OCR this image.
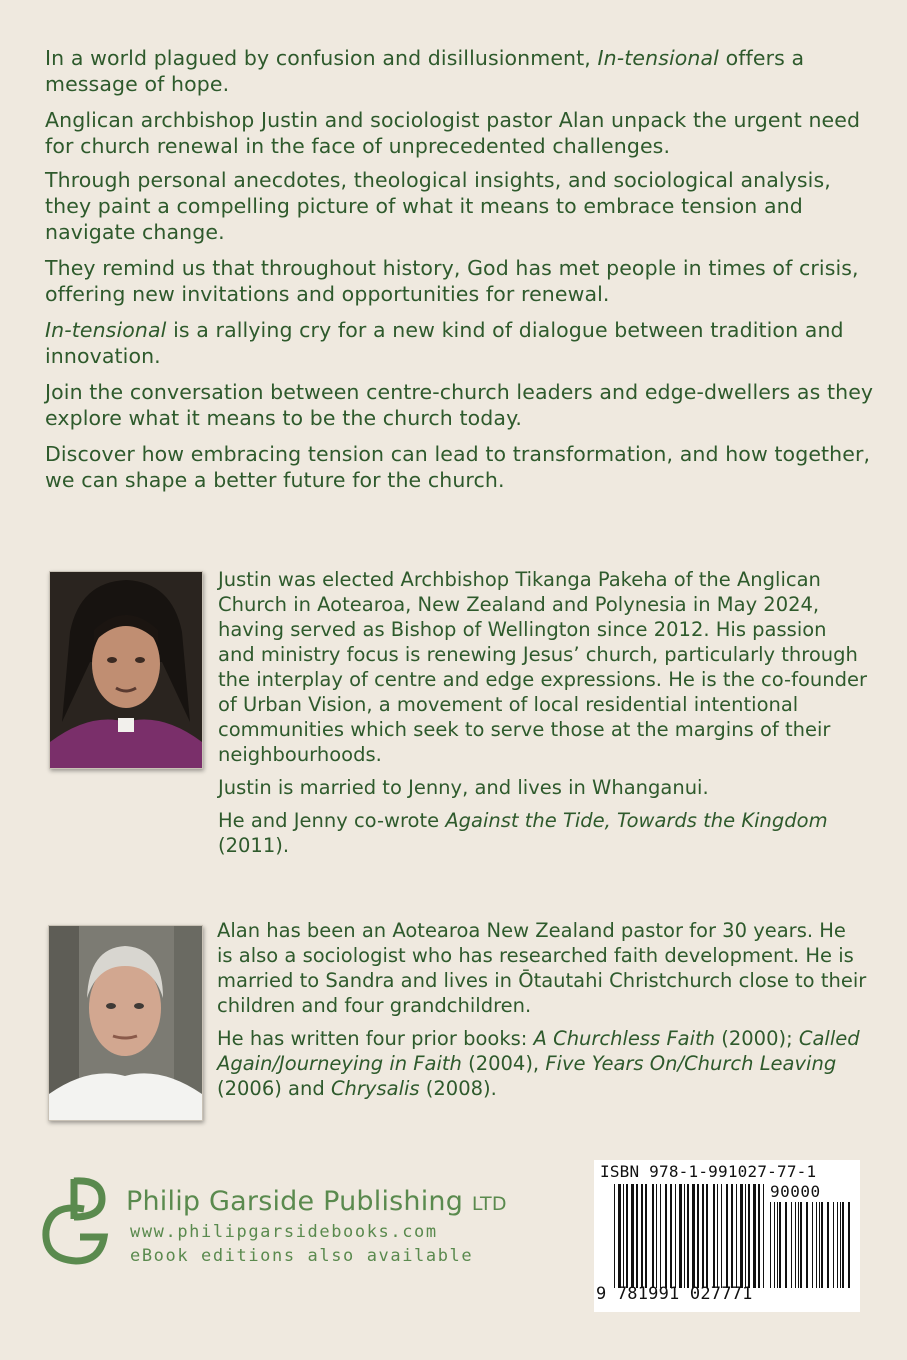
In a world plagued by confusion and disillusionment, In-tensional offers a message of hope.

Anglican archbishop Justin and sociologist pastor Alan unpack the urgent need for church renewal in the face of unprecedented challenges.

Through personal anecdotes, theological insights, and sociological analysis, they paint a compelling picture of what it means to embrace tension and navigate change.

They remind us that throughout history, God has met people in times of crisis, offering new invitations and opportunities for renewal.

In-tensional is a rallying cry for a new kind of dialogue between tradition and innovation.

Join the conversation between centre-church leaders and edge-dwellers as they explore what it means to be the church today.

Discover how embracing tension can lead to transformation, and how together, we can shape a better future for the church.

Justin was elected Archbishop Tikanga Pakeha of the Anglican Church in Aotearoa, New Zealand and Polynesia in May 2024, having served as Bishop of Wellington since 2012. His passion and ministry focus is renewing Jesus’ church, particularly through the interplay of centre and edge expressions. He is the co-founder of Urban Vision, a movement of local residential intentional communities which seek to serve those at the margins of their neighbourhoods.

Justin is married to Jenny, and lives in Whanganui.

He and Jenny co-wrote Against the Tide, Towards the Kingdom (2011).

Alan has been an Aotearoa New Zealand pastor for 30 years. He is also a sociologist who has researched faith development. He is married to Sandra and lives in Ōtautahi Christchurch close to their children and four grandchildren.

He has written four prior books: A Churchless Faith (2000); Called Again/Journeying in Faith (2004), Five Years On/Church Leaving (2006) and Chrysalis (2008).

Philip Garside Publishing LTD
www.philipgarsidebooks.com
eBook editions also available
ISBN 978-1-991027-77-1
90000
9 781991 027771
